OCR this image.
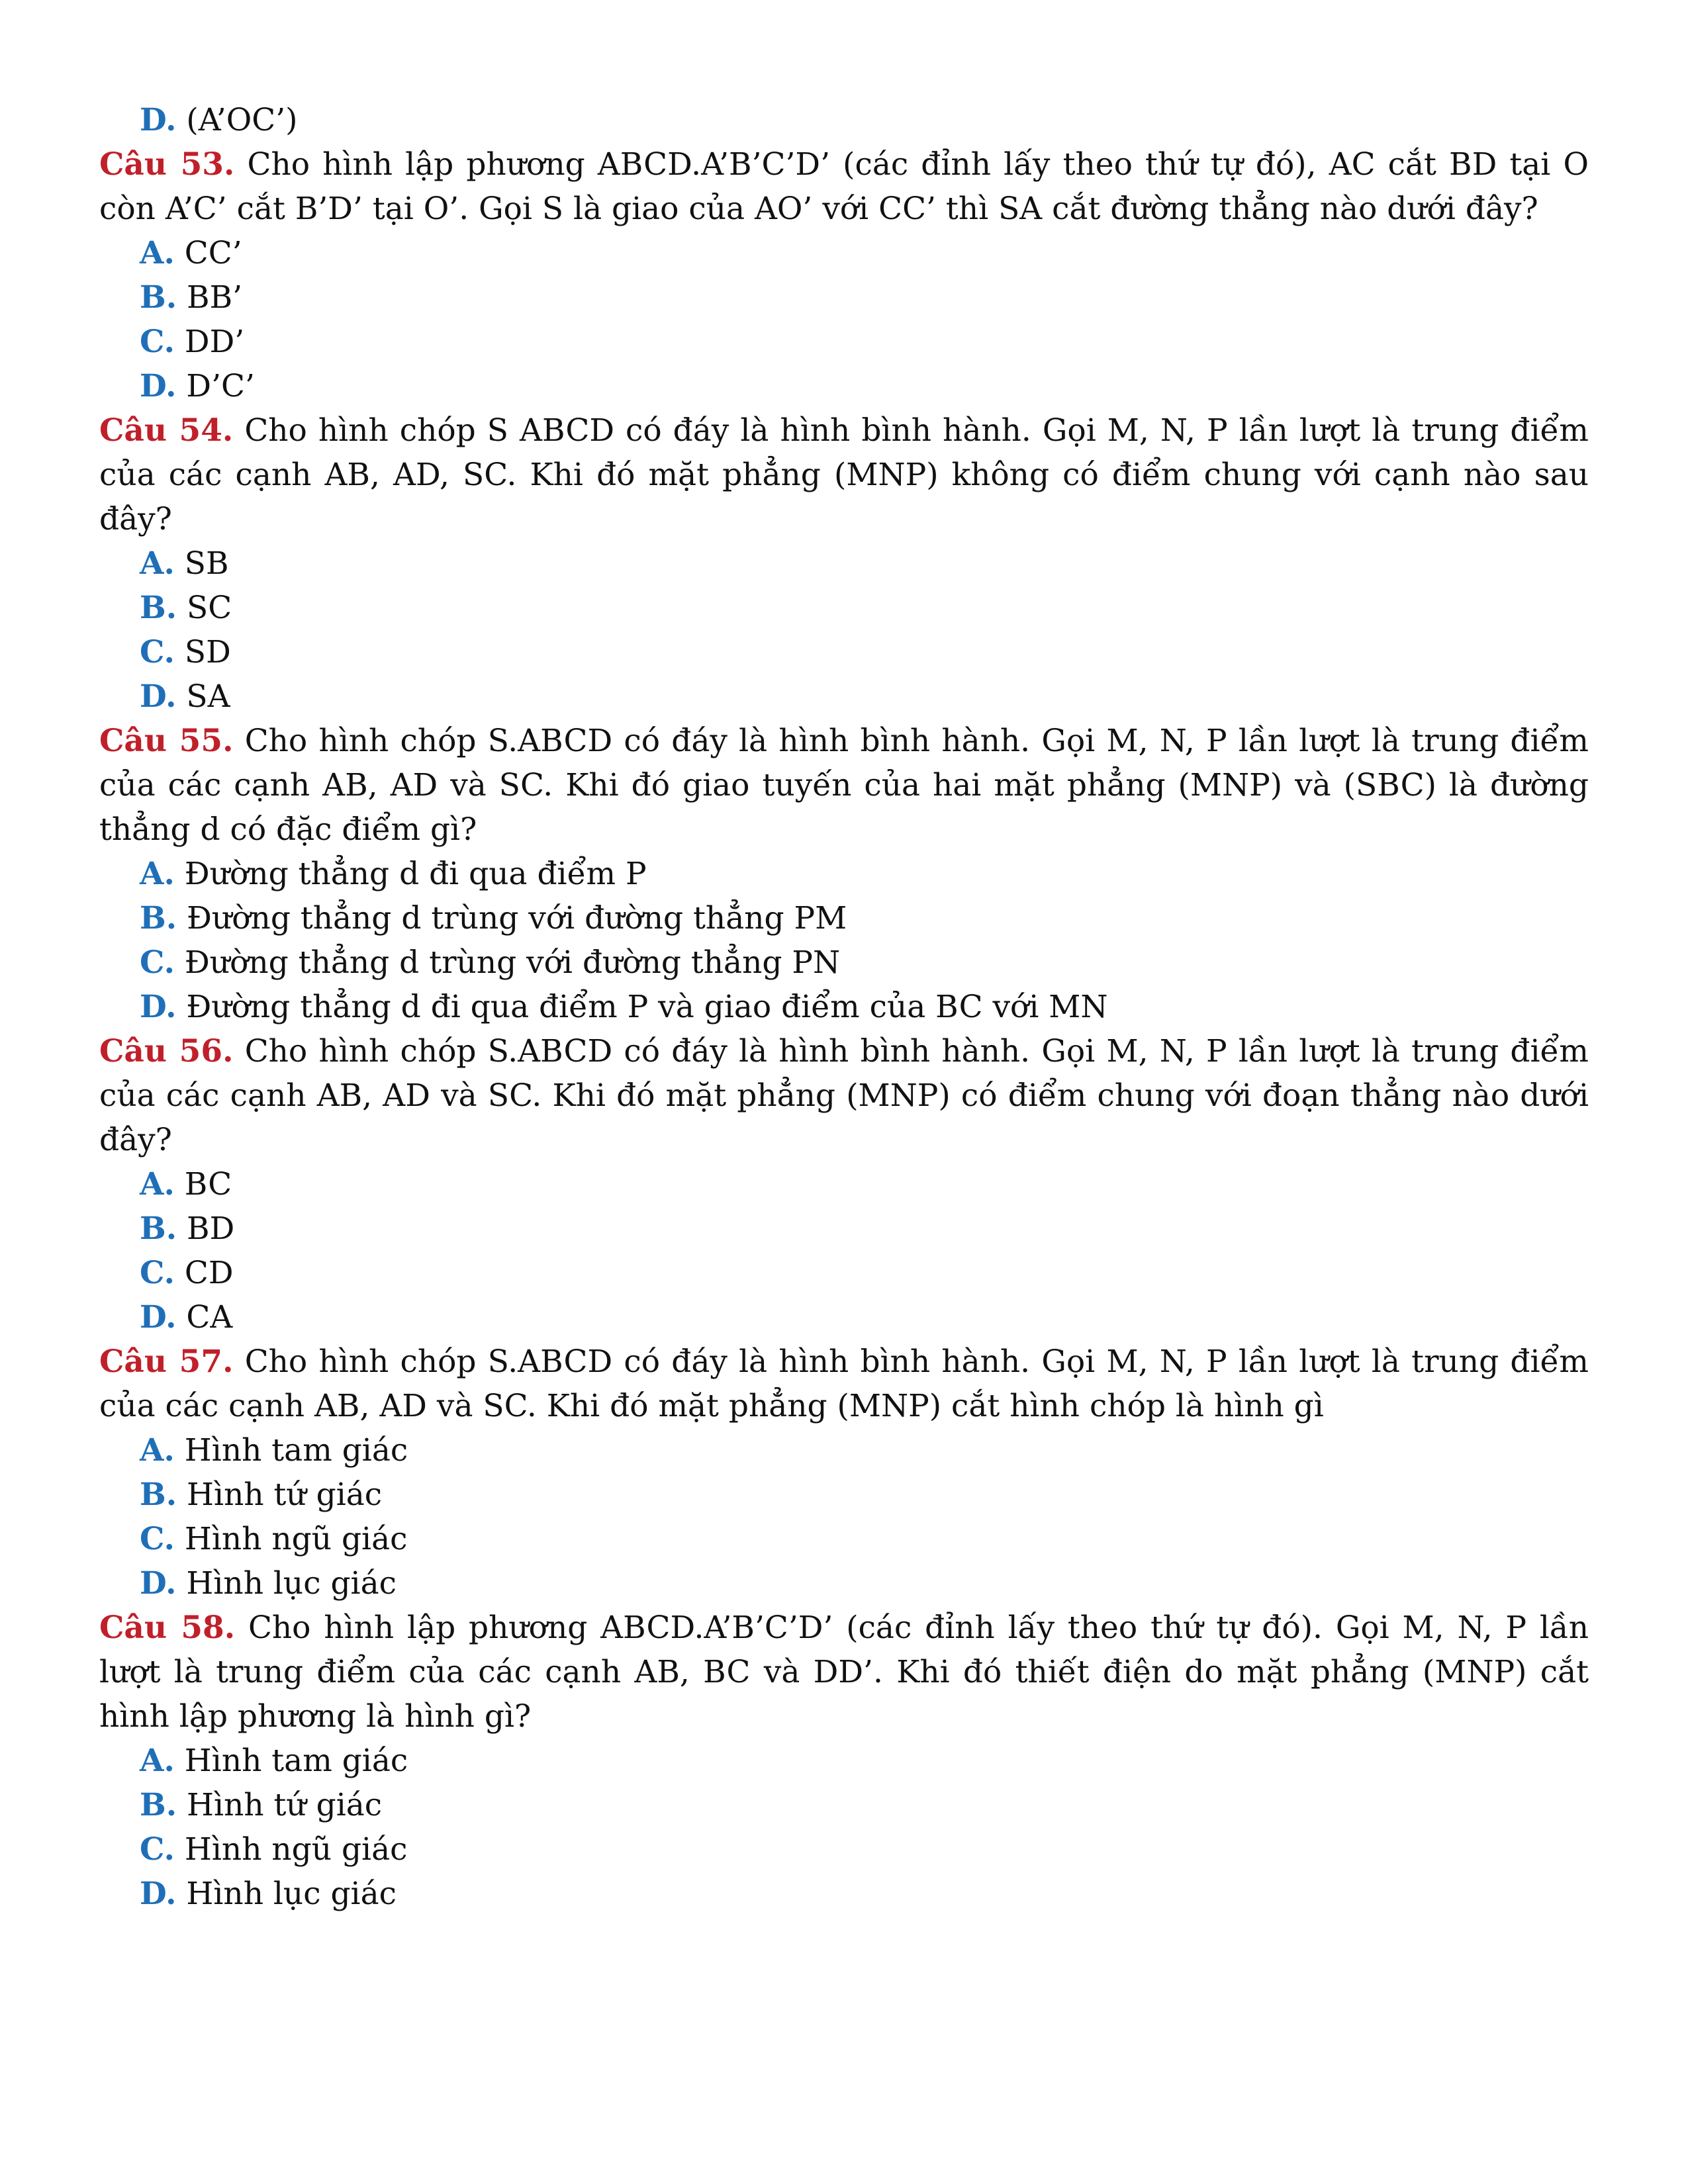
D. (A’OC’)
Câu 53. Cho hình lập phương ABCD.A’B’C’D’ (các đỉnh lấy theo thứ tự đó), AC cắt BD tại O còn A’C’ cắt B’D’ tại O’. Gọi S là giao của AO’ với CC’ thì SA cắt đường thẳng nào dưới đây?
A. CC’
B. BB’
C. DD’
D. D’C’
Câu 54. Cho hình chóp S ABCD có đáy là hình bình hành. Gọi M, N, P lần lượt là trung điểm của các cạnh AB, AD, SC. Khi đó mặt phẳng (MNP) không có điểm chung với cạnh nào sau đây?
A. SB
B. SC
C. SD
D. SA
Câu 55. Cho hình chóp S.ABCD có đáy là hình bình hành. Gọi M, N, P lần lượt là trung điểm của các cạnh AB, AD và SC. Khi đó giao tuyến của hai mặt phẳng (MNP) và (SBC) là đường thẳng d có đặc điểm gì?
A. Đường thẳng d đi qua điểm P
B. Đường thẳng d trùng với đường thẳng PM
C. Đường thẳng d trùng với đường thẳng PN
D. Đường thẳng d đi qua điểm P và giao điểm của BC với MN
Câu 56. Cho hình chóp S.ABCD có đáy là hình bình hành. Gọi M, N, P lần lượt là trung điểm của các cạnh AB, AD và SC. Khi đó mặt phẳng (MNP) có điểm chung với đoạn thẳng nào dưới đây?
A. BC
B. BD
C. CD
D. CA
Câu 57. Cho hình chóp S.ABCD có đáy là hình bình hành. Gọi M, N, P lần lượt là trung điểm của các cạnh AB, AD và SC. Khi đó mặt phẳng (MNP) cắt hình chóp là hình gì
A. Hình tam giác
B. Hình tứ giác
C. Hình ngũ giác
D. Hình lục giác
Câu 58. Cho hình lập phương ABCD.A’B’C’D’ (các đỉnh lấy theo thứ tự đó). Gọi M, N, P lần lượt là trung điểm của các cạnh AB, BC và DD’. Khi đó thiết điện do mặt phẳng (MNP) cắt hình lập phương là hình gì?
A. Hình tam giác
B. Hình tứ giác
C. Hình ngũ giác
D. Hình lục giác
